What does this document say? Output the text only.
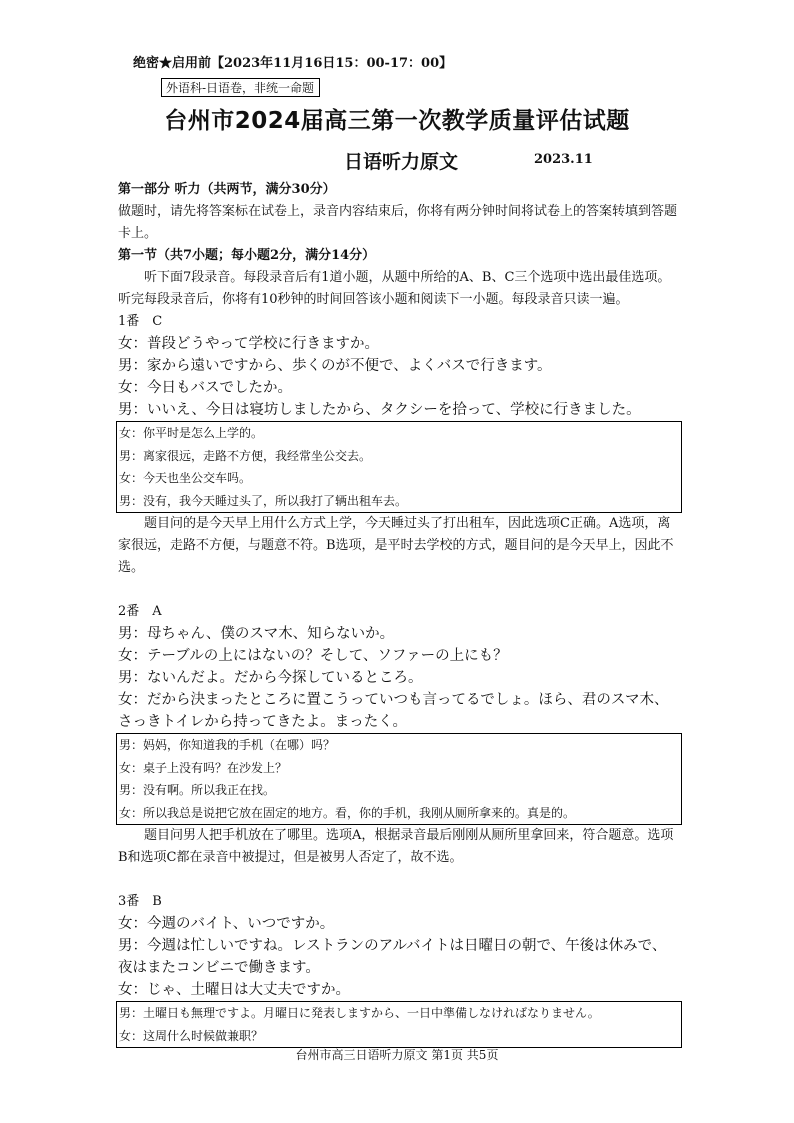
绝密★启用前【2023年11月16日15：00-17：00】
外语科-日语卷，非统一命题
台州市2024届高三第一次教学质量评估试题
日语听力原文	2023.11

第一部分 听力（共两节，满分30分）

做题时，请先将答案标在试卷上，录音内容结束后，你将有两分钟时间将试卷上的答案转填到答题卡上。

第一节（共7小题；每小题2分，满分14分）

听下面7段录音。每段录音后有1道小题，从题中所给的A、B、C三个选项中选出最佳选项。听完每段录音后，你将有10秒钟的时间回答该小题和阅读下一小题。每段录音只读一遍。

1番　C

女：普段どうやって学校に行きますか。

男：家から遠いですから、歩くのが不便で、よくバスで行きます。

女：今日もバスでしたか。

男：いいえ、今日は寝坊しましたから、タクシーを拾って、学校に行きました。

女：你平时是怎么上学的。
男：离家很远，走路不方便，我经常坐公交去。
女：今天也坐公交车吗。
男：没有，我今天睡过头了，所以我打了辆出租车去。

题目问的是今天早上用什么方式上学，今天睡过头了打出租车，因此选项C正确。A选项，离家很远，走路不方便，与题意不符。B选项，是平时去学校的方式，题目问的是今天早上，因此不选。

2番　A

男：母ちゃん、僕のスマ木、知らないか。

女：テーブルの上にはないの？そして、ソファーの上にも？

男：ないんだよ。だから今探しているところ。

女：だから決まったところに置こうっていつも言ってるでしょ。ほら、君のスマ木、

さっきトイレから持ってきたよ。まったく。

男：妈妈，你知道我的手机（在哪）吗？
女：桌子上没有吗？在沙发上？
男：没有啊。所以我正在找。
女：所以我总是说把它放在固定的地方。看，你的手机，我刚从厕所拿来的。真是的。

题目问男人把手机放在了哪里。选项A，根据录音最后刚刚从厕所里拿回来，符合题意。选项B和选项C都在录音中被提过，但是被男人否定了，故不选。

3番　B

女：今週のバイト、いつですか。

男：今週は忙しいですね。レストランのアルバイトは日曜日の朝で、午後は休みで、

夜はまたコンビニで働きます。

女：じゃ、土曜日は大丈夫ですか。

男：土曜日も無理ですよ。月曜日に発表しますから、一日中準備しなければなりません。
女：这周什么时候做兼职？
台州市高三日语听力原文 第1页 共5页
